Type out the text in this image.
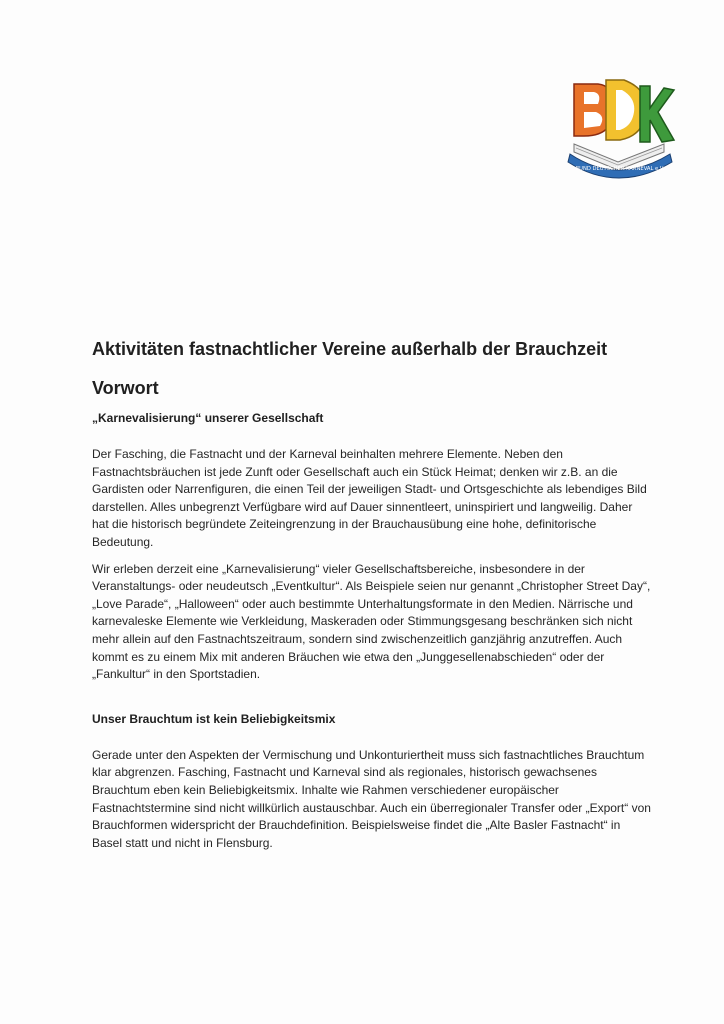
BUND DEUTSCHER KARNEVAL e.V.
Aktivitäten fastnachtlicher Vereine außerhalb der Brauchzeit
Vorwort
„Karnevalisierung“ unserer Gesellschaft

Der Fasching, die Fastnacht und der Karneval beinhalten mehrere Elemente. Neben den Fastnachtsbräuchen ist jede Zunft oder Gesellschaft auch ein Stück Heimat; denken wir z.B. an die Gardisten oder Narrenfiguren, die einen Teil der jeweiligen Stadt- und Ortsgeschichte als lebendiges Bild darstellen. Alles unbegrenzt Verfügbare wird auf Dauer sinnentleert, uninspiriert und langweilig. Daher hat die historisch begründete Zeiteingrenzung in der Brauchausübung eine hohe, definitorische Bedeutung.

Wir erleben derzeit eine „Karnevalisierung“ vieler Gesellschaftsbereiche, insbesondere in der Veranstaltungs- oder neudeutsch „Eventkultur“. Als Beispiele seien nur genannt „Christopher Street Day“, „Love Parade“, „Halloween“ oder auch bestimmte Unterhaltungsformate in den Medien. Närrische und karnevaleske Elemente wie Verkleidung, Maskeraden oder Stimmungsgesang beschränken sich nicht mehr allein auf den Fastnachtszeitraum, sondern sind zwischenzeitlich ganzjährig anzutreffen. Auch kommt es zu einem Mix mit anderen Bräuchen wie etwa den „Junggesellenabschieden“ oder der „Fankultur“ in den Sportstadien.

Unser Brauchtum ist kein Beliebigkeitsmix

Gerade unter den Aspekten der Vermischung und Unkonturiertheit muss sich fastnachtliches Brauchtum klar abgrenzen. Fasching, Fastnacht und Karneval sind als regionales, historisch gewachsenes Brauchtum eben kein Beliebigkeitsmix. Inhalte wie Rahmen verschiedener europäischer Fastnachtstermine sind nicht willkürlich austauschbar. Auch ein überregionaler Transfer oder „Export“ von Brauchformen widerspricht der Brauchdefinition. Beispielsweise findet die „Alte Basler Fastnacht“ in Basel statt und nicht in Flensburg.
